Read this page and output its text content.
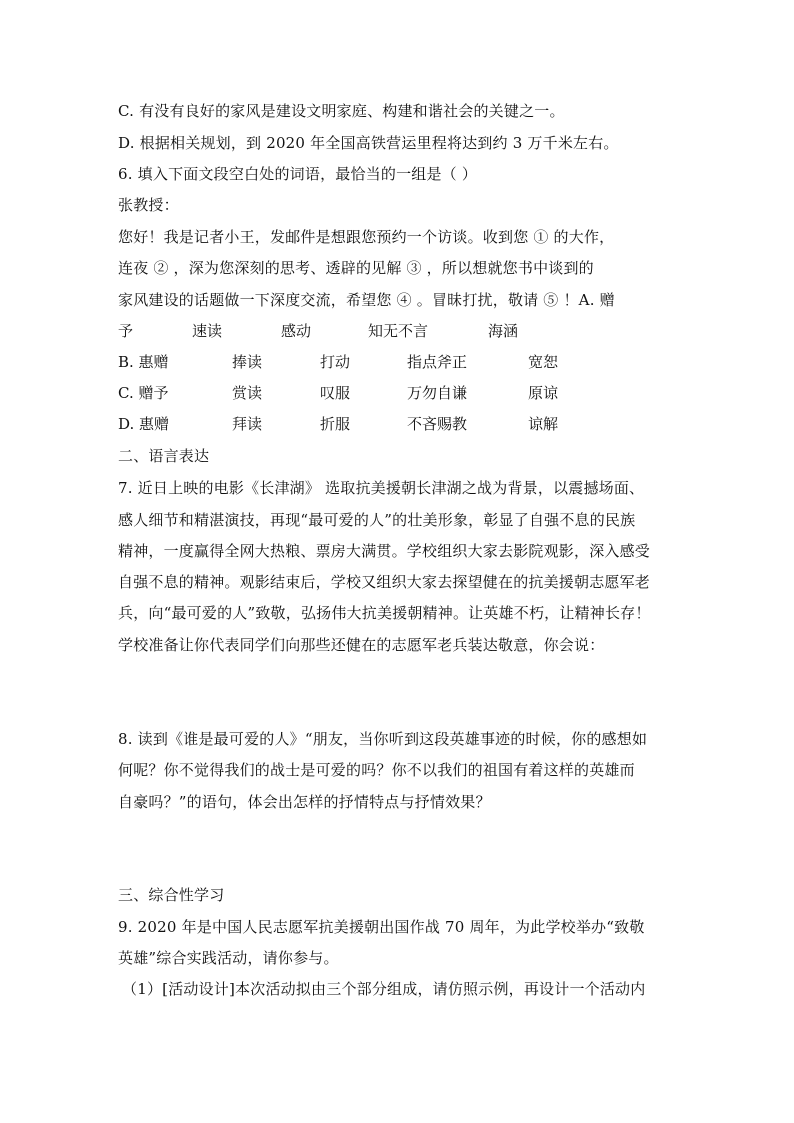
C. 有没有良好的家风是建设文明家庭、构建和谐社会的关键之一。
D. 根据相关规划，到 2020 年全国高铁营运里程将达到约 3 万千米左右。
6. 填入下面文段空白处的词语，最恰当的一组是（ ）
张教授：
您好！我是记者小王，发邮件是想跟您预约一个访谈。收到您 ① 的大作，
连夜 ② ，深为您深刻的思考、透辟的见解 ③ ，所以想就您书中谈到的
家风建设的话题做一下深度交流，希望您 ④ 。冒昧打扰，敬请 ⑤ ！A. 赠
予	速读	感动	知无不言	海涵
B. 惠赠	捧读	打动	指点斧正	宽恕
C. 赠予	赏读	叹服	万勿自谦	原谅
D. 惠赠	拜读	折服	不吝赐教	谅解
二、语言表达
7. 近日上映的电影《长津湖》 选取抗美援朝长津湖之战为背景，以震撼场面、
感人细节和精湛演技，再现“最可爱的人”的壮美形象，彰显了自强不息的民族
精神，一度赢得全网大热粮、票房大满贯。学校组织大家去影院观影，深入感受
自强不息的精神。观影结束后，学校又组织大家去探望健在的抗美援朝志愿军老
兵，向“最可爱的人”致敬，弘扬伟大抗美援朝精神。让英雄不朽，让精神长存！
学校准备让你代表同学们向那些还健在的志愿军老兵装达敬意，你会说：
8. 读到《谁是最可爱的人》“朋友，当你听到这段英雄事迹的时候，你的感想如
何呢？你不觉得我们的战士是可爱的吗？你不以我们的祖国有着这样的英雄而
自豪吗？”的语句，体会出怎样的抒情特点与抒情效果？
三、综合性学习
9. 2020 年是中国人民志愿军抗美援朝出国作战 70 周年，为此学校举办“致敬
英雄”综合实践活动，请你参与。
（1）[活动设计]本次活动拟由三个部分组成，请仿照示例，再设计一个活动内
